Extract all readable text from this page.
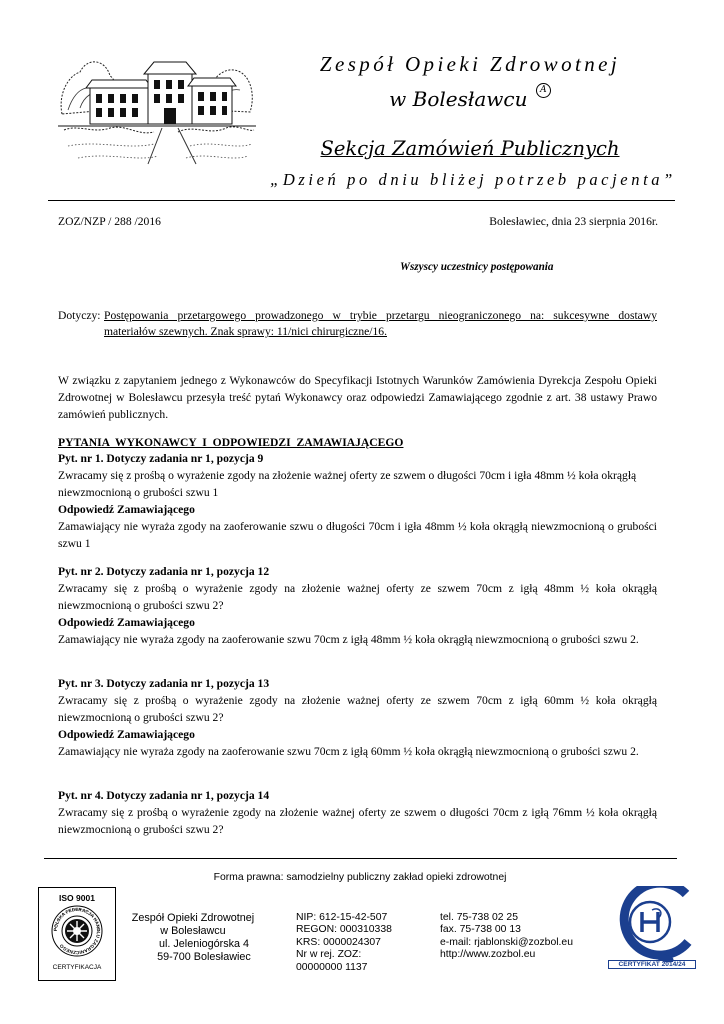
Zespół Opieki Zdrowotnej
w Bolesławcu A
Sekcja Zamówień Publicznych
„Dzień po dniu bliżej potrzeb pacjenta”
ZOZ/NZP / 288 /2016	Bolesławiec, dnia 23 sierpnia 2016r.
Wszyscy uczestnicy postępowania
Dotyczy: Postępowania przetargowego prowadzonego w trybie przetargu nieograniczonego na: sukcesywne dostawy
materiałów szewnych. Znak sprawy: 11/nici chirurgiczne/16.
W związku z zapytaniem jednego z Wykonawców do Specyfikacji Istotnych Warunków Zamówienia Dyrekcja Zespołu Opieki Zdrowotnej w Bolesławcu przesyła treść pytań Wykonawcy oraz odpowiedzi Zamawiającego zgodnie z art. 38 ustawy Prawo zamówień publicznych.
PYTANIA WYKONAWCY I ODPOWIEDZI ZAMAWIAJĄCEGO
Pyt. nr 1. Dotyczy zadania nr 1, pozycja 9
Zwracamy się z prośbą o wyrażenie zgody na złożenie ważnej oferty ze szwem o długości 70cm i igła 48mm ½ koła okrągłą niewzmocnioną o grubości szwu 1
Odpowiedź Zamawiającego
Zamawiający nie wyraża zgody na zaoferowanie szwu o długości 70cm i igła 48mm ½ koła okrągłą niewzmocnioną o grubości szwu 1
Pyt. nr 2. Dotyczy zadania nr 1, pozycja 12
Zwracamy się z prośbą o wyrażenie zgody na złożenie ważnej oferty ze szwem 70cm z igłą 48mm ½ koła okrągłą niewzmocnioną o grubości szwu 2?
Odpowiedź Zamawiającego
Zamawiający nie wyraża zgody na zaoferowanie szwu 70cm z igłą 48mm ½ koła okrągłą niewzmocnioną o grubości szwu 2.
Pyt. nr 3. Dotyczy zadania nr 1, pozycja 13
Zwracamy się z prośbą o wyrażenie zgody na złożenie ważnej oferty ze szwem 70cm z igłą 60mm ½ koła okrągłą niewzmocnioną o grubości szwu 2?
Odpowiedź Zamawiającego
Zamawiający nie wyraża zgody na zaoferowanie szwu 70cm z igłą 60mm ½ koła okrągłą niewzmocnioną o grubości szwu 2.
Pyt. nr 4. Dotyczy zadania nr 1, pozycja 14
Zwracamy się z prośbą o wyrażenie zgody na złożenie ważnej oferty ze szwem o długości 70cm z igłą 76mm ½ koła okrągłą niewzmocnioną o grubości szwu 2?
Forma prawna: samodzielny publiczny zakład opieki zdrowotnej
ISO 9001
POLSKA FEDERACJA HANDLU ZAGRANICZNEGO
CERTYFIKACJA
Zespół Opieki Zdrowotnej
w Bolesławcu
ul. Jeleniogórska 4
59-700 Bolesławiec
NIP: 612-15-42-507
REGON: 000310338
KRS: 0000024307
Nr w rej. ZOZ:
00000000 1137
tel. 75-738 02 25
fax. 75-738 00 13
e-mail: rjablonski@zozbol.eu
http://www.zozbol.eu
CERTYFIKAT 2014/24
